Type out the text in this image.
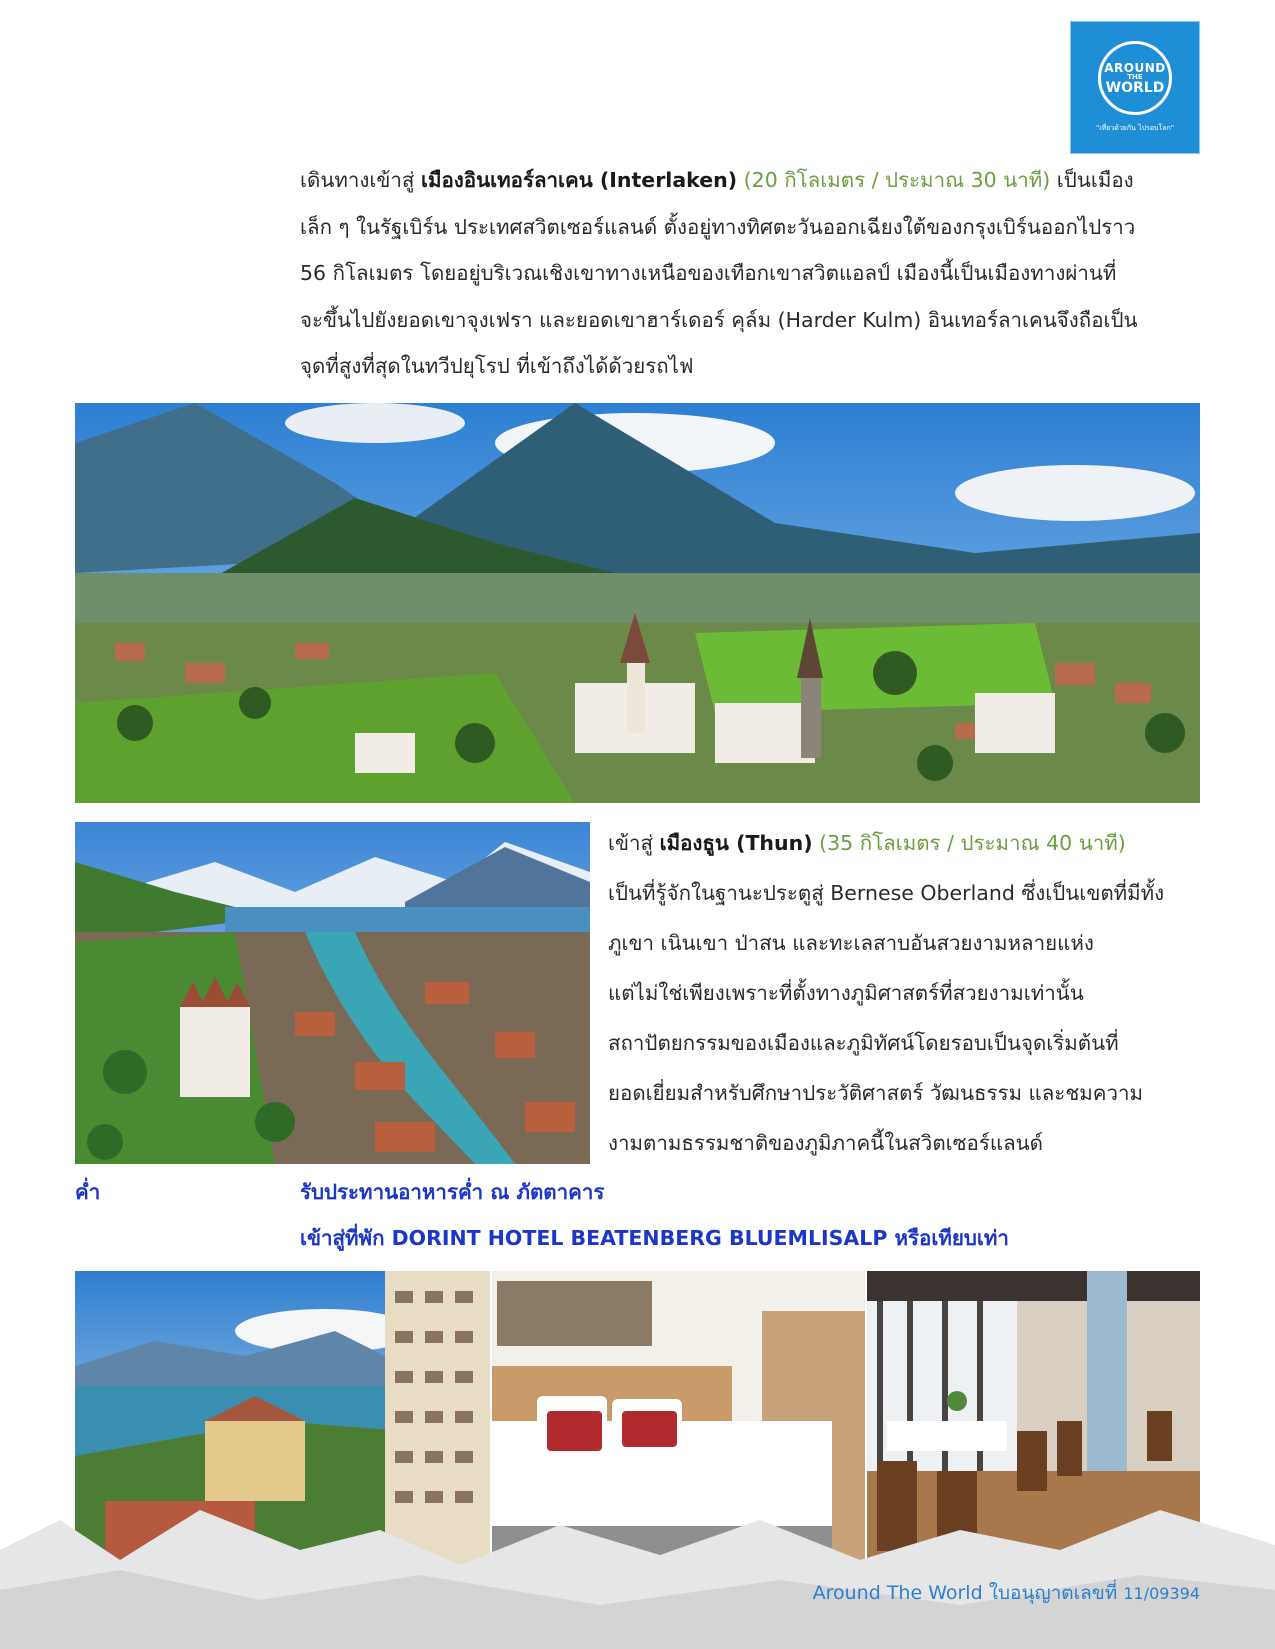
AROUND
THE
WORLD
"เที่ยวด้วยกัน ไปรอบโลก"
เดินทางเข้าสู่ เมืองอินเทอร์ลาเคน (Interlaken) (20 กิโลเมตร / ประมาณ 30 นาที) เป็นเมือง
เล็ก ๆ ในรัฐเบิร์น ประเทศสวิตเซอร์แลนด์ ตั้งอยู่ทางทิศตะวันออกเฉียงใต้ของกรุงเบิร์นออกไปราว
56 กิโลเมตร โดยอยู่บริเวณเชิงเขาทางเหนือของเทือกเขาสวิตแอลป์ เมืองนี้เป็นเมืองทางผ่านที่
จะขึ้นไปยังยอดเขาจุงเฟรา และยอดเขาฮาร์เดอร์ คุล์ม (Harder Kulm) อินเทอร์ลาเคนจึงถือเป็น
จุดที่สูงที่สุดในทวีปยุโรป ที่เข้าถึงได้ด้วยรถไฟ
เข้าสู่ เมืองธูน (Thun) (35 กิโลเมตร / ประมาณ 40 นาที)
เป็นที่รู้จักในฐานะประตูสู่ Bernese Oberland ซึ่งเป็นเขตที่มีทั้ง
ภูเขา เนินเขา ป่าสน และทะเลสาบอันสวยงามหลายแห่ง
แต่ไม่ใช่เพียงเพราะที่ตั้งทางภูมิศาสตร์ที่สวยงามเท่านั้น
สถาปัตยกรรมของเมืองและภูมิทัศน์โดยรอบเป็นจุดเริ่มต้นที่
ยอดเยี่ยมสำหรับศึกษาประวัติศาสตร์ วัฒนธรรม และชมความ
งามตามธรรมชาติของภูมิภาคนี้ในสวิตเซอร์แลนด์
ค่ำ	รับประทานอาหารค่ำ ณ ภัตตาคาร
เข้าสู่ที่พัก DORINT HOTEL BEATENBERG BLUEMLISALP หรือเทียบเท่า
Around The World ใบอนุญาตเลขที่ 11/09394
